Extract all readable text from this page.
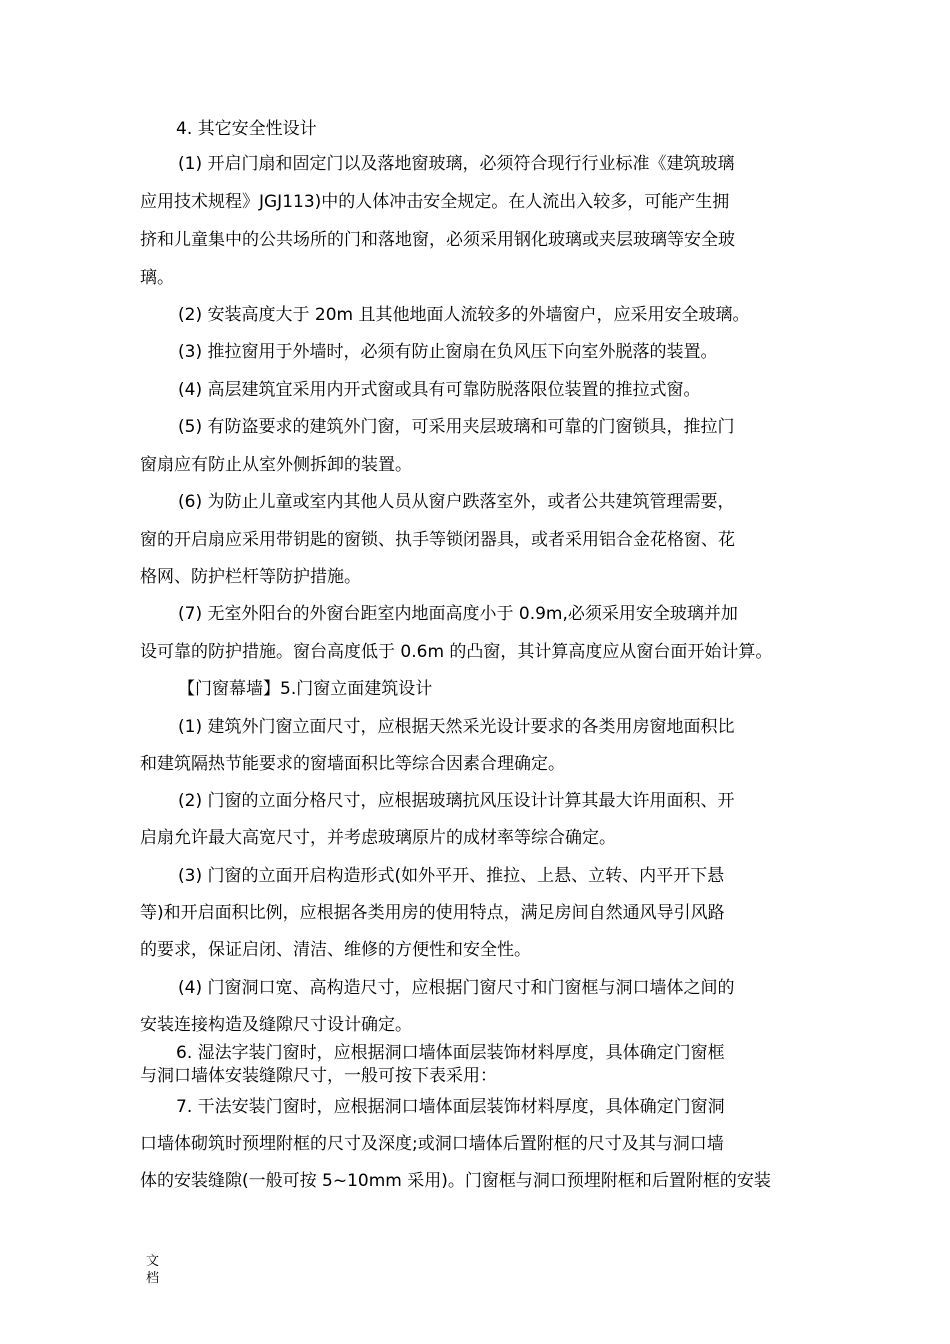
4. 其它安全性设计
(1) 开启门扇和固定门以及落地窗玻璃，必须符合现行行业标准《建筑玻璃
应用技术规程》JGJ113)中的人体冲击安全规定。在人流出入较多，可能产生拥
挤和儿童集中的公共场所的门和落地窗，必须采用钢化玻璃或夹层玻璃等安全玻
璃。
(2) 安装高度大于 20m 且其他地面人流较多的外墙窗户，应采用安全玻璃。
(3) 推拉窗用于外墙时，必须有防止窗扇在负风压下向室外脱落的装置。
(4) 高层建筑宜采用内开式窗或具有可靠防脱落限位装置的推拉式窗。
(5) 有防盗要求的建筑外门窗，可采用夹层玻璃和可靠的门窗锁具，推拉门
窗扇应有防止从室外侧拆卸的装置。
(6) 为防止儿童或室内其他人员从窗户跌落室外，或者公共建筑管理需要，
窗的开启扇应采用带钥匙的窗锁、执手等锁闭器具，或者采用铝合金花格窗、花
格网、防护栏杆等防护措施。
(7) 无室外阳台的外窗台距室内地面高度小于 0.9m,必须采用安全玻璃并加
设可靠的防护措施。窗台高度低于 0.6m 的凸窗，其计算高度应从窗台面开始计算。
【门窗幕墙】5.门窗立面建筑设计
(1) 建筑外门窗立面尺寸，应根据天然采光设计要求的各类用房窗地面积比
和建筑隔热节能要求的窗墙面积比等综合因素合理确定。
(2) 门窗的立面分格尺寸，应根据玻璃抗风压设计计算其最大许用面积、开
启扇允许最大高宽尺寸，并考虑玻璃原片的成材率等综合确定。
(3) 门窗的立面开启构造形式(如外平开、推拉、上悬、立转、内平开下悬
等)和开启面积比例，应根据各类用房的使用特点，满足房间自然通风导引风路
的要求，保证启闭、清洁、维修的方便性和安全性。
(4) 门窗洞口宽、高构造尺寸，应根据门窗尺寸和门窗框与洞口墙体之间的
安装连接构造及缝隙尺寸设计确定。
6. 湿法字装门窗时，应根据洞口墙体面层装饰材料厚度，具体确定门窗框
与洞口墙体安装缝隙尺寸，一般可按下表采用：
7. 干法安装门窗时，应根据洞口墙体面层装饰材料厚度，具体确定门窗洞
口墙体砌筑时预埋附框的尺寸及深度;或洞口墙体后置附框的尺寸及其与洞口墙
体的安装缝隙(一般可按 5~10mm 采用)。门窗框与洞口预埋附框和后置附框的安装
文
档
